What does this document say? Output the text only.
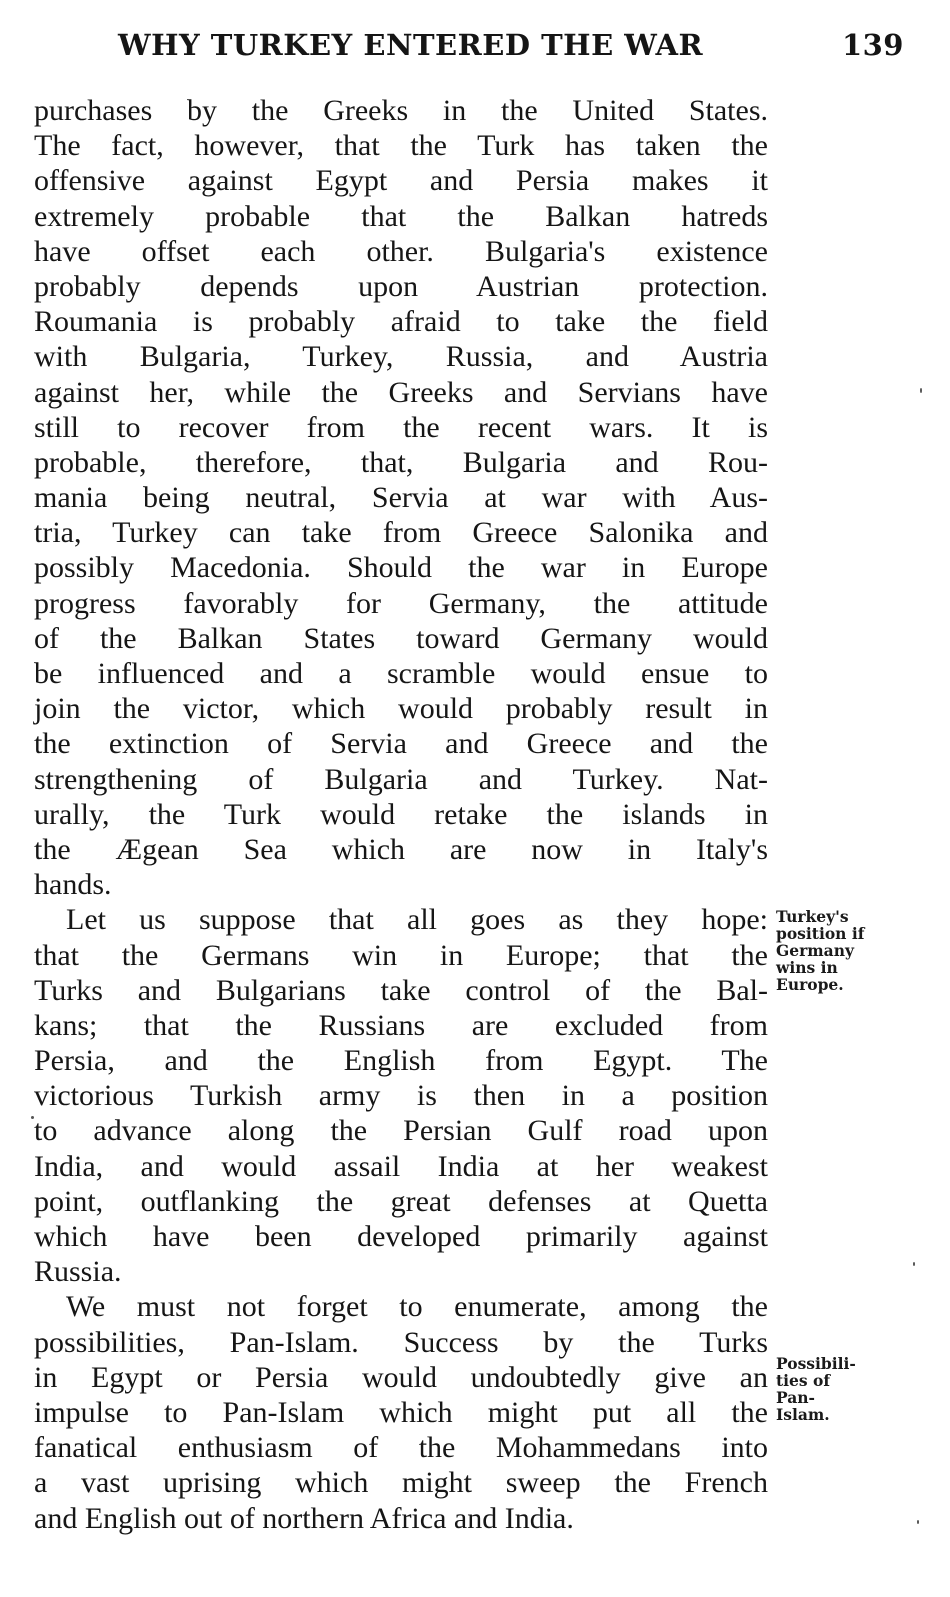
WHY TURKEY ENTERED THE WAR	139
purchases by the Greeks in the United States.
The fact, however, that the Turk has taken the
offensive against Egypt and Persia makes it
extremely probable that the Balkan hatreds
have offset each other. Bulgaria's existence
probably depends upon Austrian protection.
Roumania is probably afraid to take the field
with Bulgaria, Turkey, Russia, and Austria
against her, while the Greeks and Servians have
still to recover from the recent wars. It is
probable, therefore, that, Bulgaria and Rou-
mania being neutral, Servia at war with Aus-
tria, Turkey can take from Greece Salonika and
possibly Macedonia. Should the war in Europe
progress favorably for Germany, the attitude
of the Balkan States toward Germany would
be influenced and a scramble would ensue to
join the victor, which would probably result in
the extinction of Servia and Greece and the
strengthening of Bulgaria and Turkey. Nat-
urally, the Turk would retake the islands in
the Ægean Sea which are now in Italy's
hands.
Let us suppose that all goes as they hope:
that the Germans win in Europe; that the
Turks and Bulgarians take control of the Bal-
kans; that the Russians are excluded from
Persia, and the English from Egypt. The
victorious Turkish army is then in a position
to advance along the Persian Gulf road upon
India, and would assail India at her weakest
point, outflanking the great defenses at Quetta
which have been developed primarily against
Russia.
We must not forget to enumerate, among the
possibilities, Pan-Islam. Success by the Turks
in Egypt or Persia would undoubtedly give an
impulse to Pan-Islam which might put all the
fanatical enthusiasm of the Mohammedans into
a vast uprising which might sweep the French
and English out of northern Africa and India.
Turkey's
position if
Germany
wins in
Europe.
Possibili-
ties of
Pan-
Islam.
